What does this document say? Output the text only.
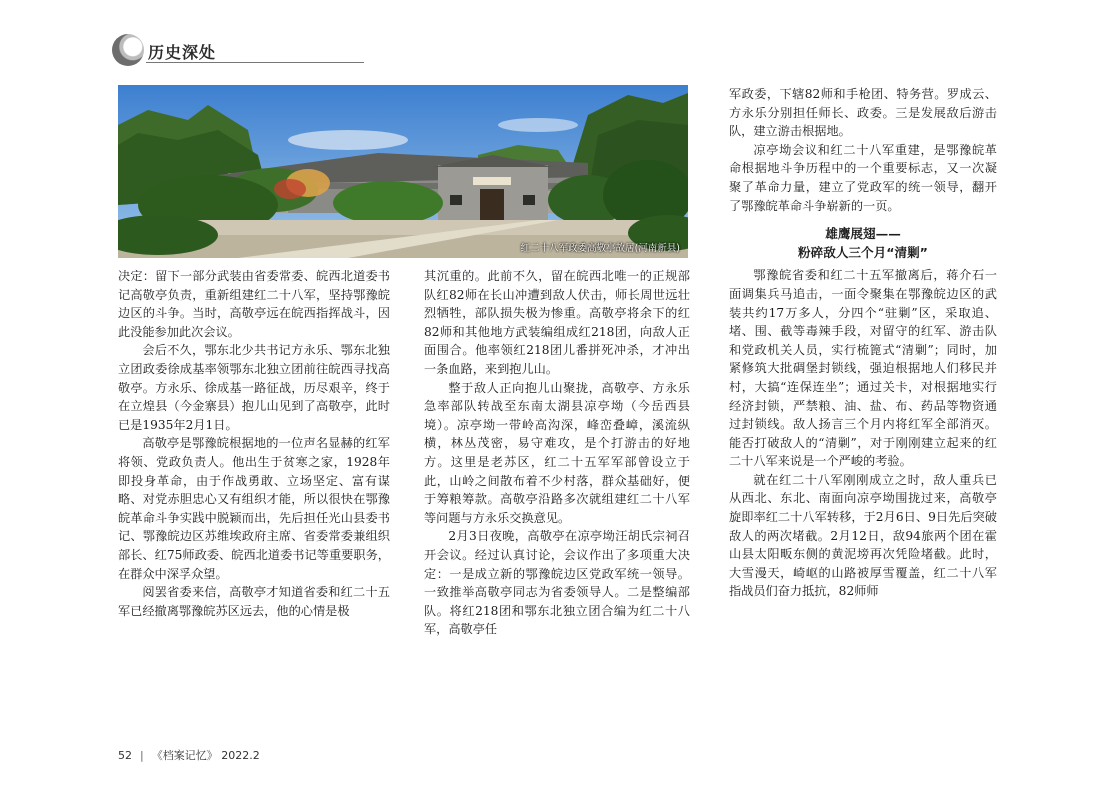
历史深处
红二十八军政委高敬亭故居(河南新县)

决定：留下一部分武装由省委常委、皖西北道委书记高敬亭负责，重新组建红二十八军，坚持鄂豫皖边区的斗争。当时，高敬亭远在皖西指挥战斗，因此没能参加此次会议。

会后不久，鄂东北少共书记方永乐、鄂东北独立团政委徐成基率领鄂东北独立团前往皖西寻找高敬亭。方永乐、徐成基一路征战，历尽艰辛，终于在立煌县（今金寨县）抱儿山见到了高敬亭，此时已是1935年2月1日。

高敬亭是鄂豫皖根据地的一位声名显赫的红军将领、党政负责人。他出生于贫寒之家，1928年即投身革命，由于作战勇敢、立场坚定、富有谋略、对党赤胆忠心又有组织才能，所以很快在鄂豫皖革命斗争实践中脱颖而出，先后担任光山县委书记、鄂豫皖边区苏维埃政府主席、省委常委兼组织部长、红75师政委、皖西北道委书记等重要职务，在群众中深孚众望。

阅罢省委来信，高敬亭才知道省委和红二十五军已经撤离鄂豫皖苏区远去，他的心情是极

其沉重的。此前不久，留在皖西北唯一的正规部队红82师在长山冲遭到敌人伏击，师长周世远壮烈牺牲，部队损失极为惨重。高敬亭将余下的红82师和其他地方武装编组成红218团，向敌人正面围合。他率领红218团儿番拼死冲杀，才冲出一条血路，来到抱儿山。

整于敌人正向抱儿山聚拢，高敬亭、方永乐急率部队转战至东南太湖县凉亭坳（今岳西县境）。凉亭坳一带岭高沟深，峰峦叠嶂，溪流纵横，林丛茂密，易守难攻，是个打游击的好地方。这里是老苏区，红二十五军军部曾设立于此，山岭之间散布着不少村落，群众基础好，便于筹粮筹款。高敬亭沿路多次就组建红二十八军等问题与方永乐交换意见。

2月3日夜晚，高敬亭在凉亭坳汪胡氏宗祠召开会议。经过认真讨论，会议作出了多项重大决定：一是成立新的鄂豫皖边区党政军统一领导。一致推举高敬亭同志为省委领导人。二是整编部队。将红218团和鄂东北独立团合编为红二十八军，高敬亭任

军政委，下辖82师和手枪团、特务营。罗成云、方永乐分别担任师长、政委。三是发展敌后游击队，建立游击根据地。

凉亭坳会议和红二十八军重建，是鄂豫皖革命根据地斗争历程中的一个重要标志，又一次凝聚了革命力量，建立了党政军的统一领导，翻开了鄂豫皖革命斗争崭新的一页。

雄鹰展翅——
粉碎敌人三个月“清剿”

鄂豫皖省委和红二十五军撤离后，蒋介石一面调集兵马追击，一面令聚集在鄂豫皖边区的武装共约17万多人，分四个“驻剿”区，采取追、堵、围、截等毒辣手段，对留守的红军、游击队和党政机关人员，实行梳篦式“清剿”；同时，加紧修筑大批碉堡封锁线，强迫根据地人们移民并村，大搞“连保连坐”；通过关卡，对根据地实行经济封锁，严禁粮、油、盐、布、药品等物资通过封锁线。敌人扬言三个月内将红军全部消灭。能否打破敌人的“清剿”，对于刚刚建立起来的红二十八军来说是一个严峻的考验。

就在红二十八军刚刚成立之时，敌人重兵已从西北、东北、南面向凉亭坳围拢过来，高敬亭旋即率红二十八军转移，于2月6日、9日先后突破敌人的两次堵截。2月12日，敌94旅两个团在霍山县太阳畈东侧的黄泥塝再次凭险堵截。此时，大雪漫天，崎岖的山路被厚雪覆盖，红二十八军指战员们奋力抵抗，82师师

52 | 《档案记忆》 2022.2
